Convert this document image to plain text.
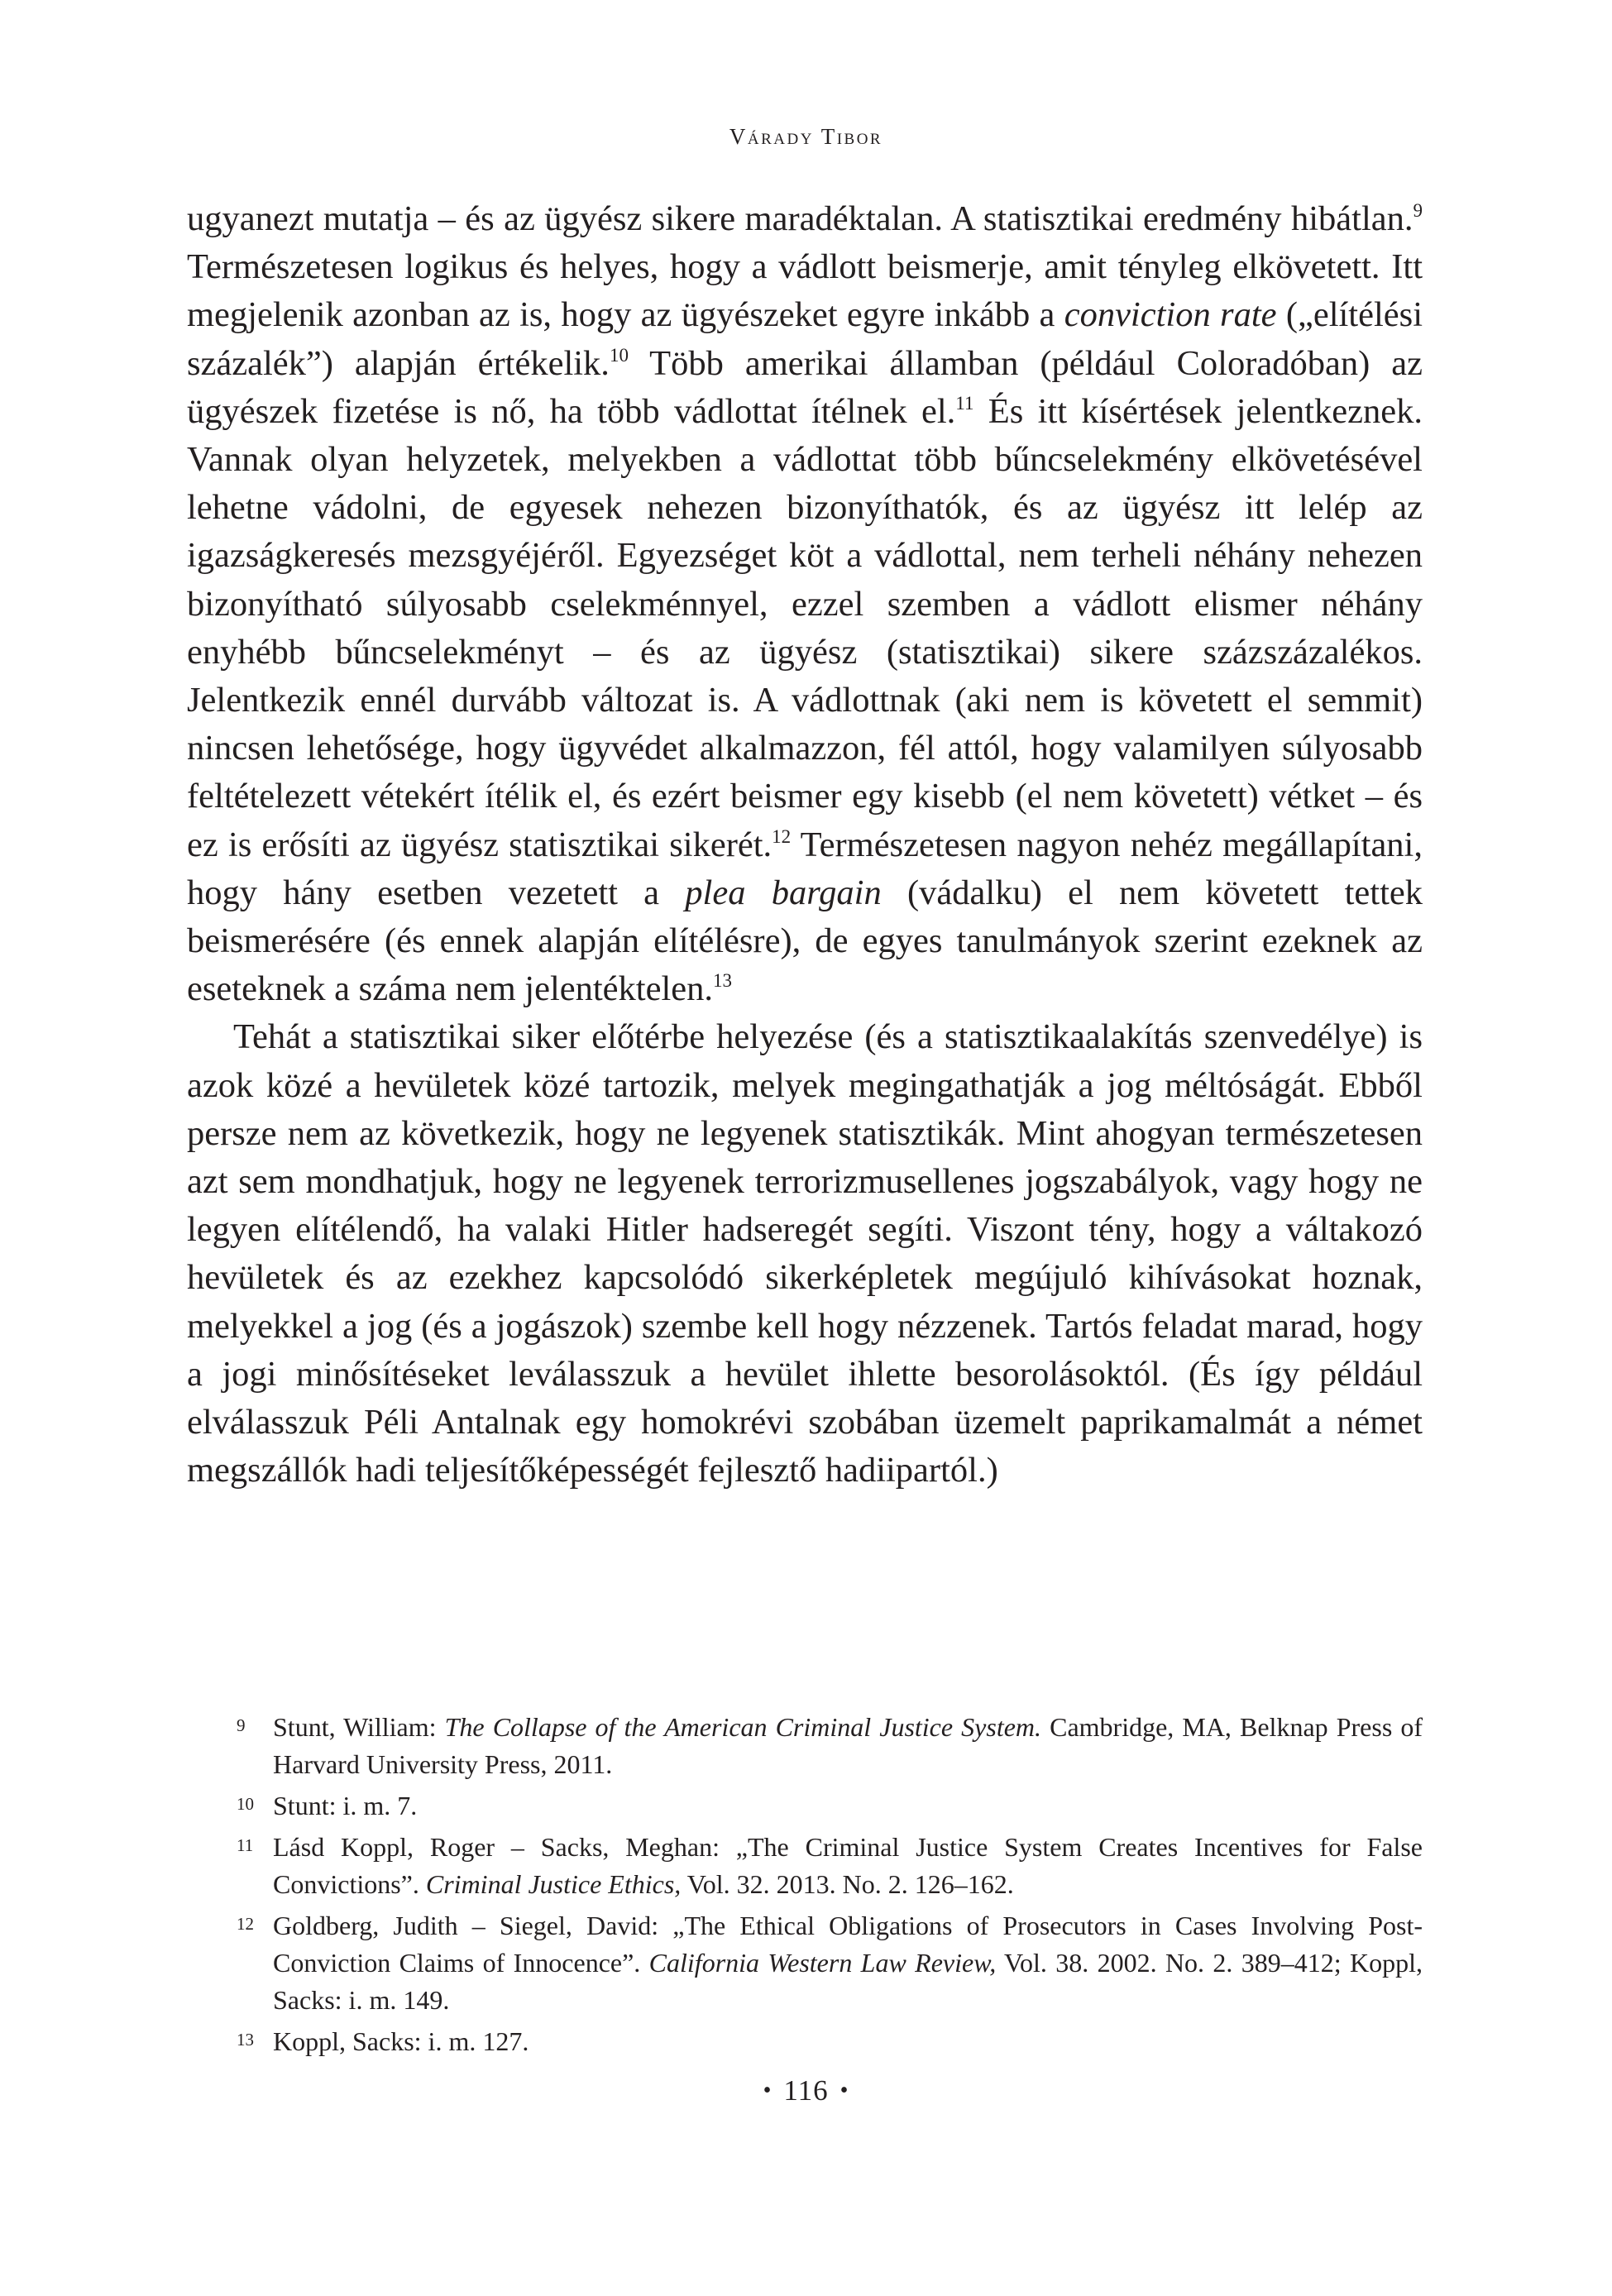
Várady Tibor

ugyanezt mutatja – és az ügyész sikere maradéktalan. A statisztikai eredmény hibátlan.$^9$ Természetesen logikus és helyes, hogy a vádlott beismerje, amit tényleg elkövetett. Itt megjelenik azonban az is, hogy az ügyészeket egyre inkább a conviction rate („elítélési százalék”) alapján értékelik.$^{10}$ Több amerikai államban (például Coloradóban) az ügyészek fizetése is nő, ha több vádlottat ítélnek el.$^{11}$ És itt kísértések jelentkeznek. Vannak olyan helyzetek, melyekben a vádlottat több bűncselekmény elkövetésével lehetne vádolni, de egyesek nehezen bizonyíthatók, és az ügyész itt lelép az igazságkeresés mezsgyéjéről. Egyezséget köt a vádlottal, nem terheli néhány nehezen bizonyítható súlyosabb cselekménnyel, ezzel szemben a vádlott elismer néhány enyhébb bűncselekményt – és az ügyész (statisztikai) sikere százszázalékos. Jelentkezik ennél durvább változat is. A vádlottnak (aki nem is követett el semmit) nincsen lehetősége, hogy ügyvédet alkalmazzon, fél attól, hogy valamilyen súlyosabb feltételezett vétekért ítélik el, és ezért beismer egy kisebb (el nem követett) vétket – és ez is erősíti az ügyész statisztikai sikerét.$^{12}$ Természetesen nagyon nehéz megállapítani, hogy hány esetben vezetett a plea bargain (vádalku) el nem követett tettek beismerésére (és ennek alapján elítélésre), de egyes tanulmányok szerint ezeknek az eseteknek a száma nem jelentéktelen.$^{13}$

Tehát a statisztikai siker előtérbe helyezése (és a statisztikaalakítás szenvedélye) is azok közé a hevületek közé tartozik, melyek megingathatják a jog méltóságát. Ebből persze nem az következik, hogy ne legyenek statisztikák. Mint ahogyan természetesen azt sem mondhatjuk, hogy ne legyenek terrorizmusellenes jogszabályok, vagy hogy ne legyen elítélendő, ha valaki Hitler hadseregét segíti. Viszont tény, hogy a váltakozó hevületek és az ezekhez kapcsolódó sikerképletek megújuló kihívásokat hoznak, melyekkel a jog (és a jogászok) szembe kell hogy nézzenek. Tartós feladat marad, hogy a jogi minősítéseket leválasszuk a hevület ihlette besorolásoktól. (És így például elválasszuk Péli Antalnak egy homokrévi szobában üzemelt paprikamalmát a német megszállók hadi teljesítőképességét fejlesztő hadiipartól.)

9 Stunt, William: The Collapse of the American Criminal Justice System. Cambridge, MA, Belknap Press of Harvard University Press, 2011.
10 Stunt: i. m. 7.
11 Lásd Koppl, Roger – Sacks, Meghan: „The Criminal Justice System Creates Incentives for False Convictions”. Criminal Justice Ethics, Vol. 32. 2013. No. 2. 126–162.
12 Goldberg, Judith – Siegel, David: „The Ethical Obligations of Prosecutors in Cases Involving Post-Conviction Claims of Innocence”. California Western Law Review, Vol. 38. 2002. No. 2. 389–412; Koppl, Sacks: i. m. 149.
13 Koppl, Sacks: i. m. 127.
• 116 •
